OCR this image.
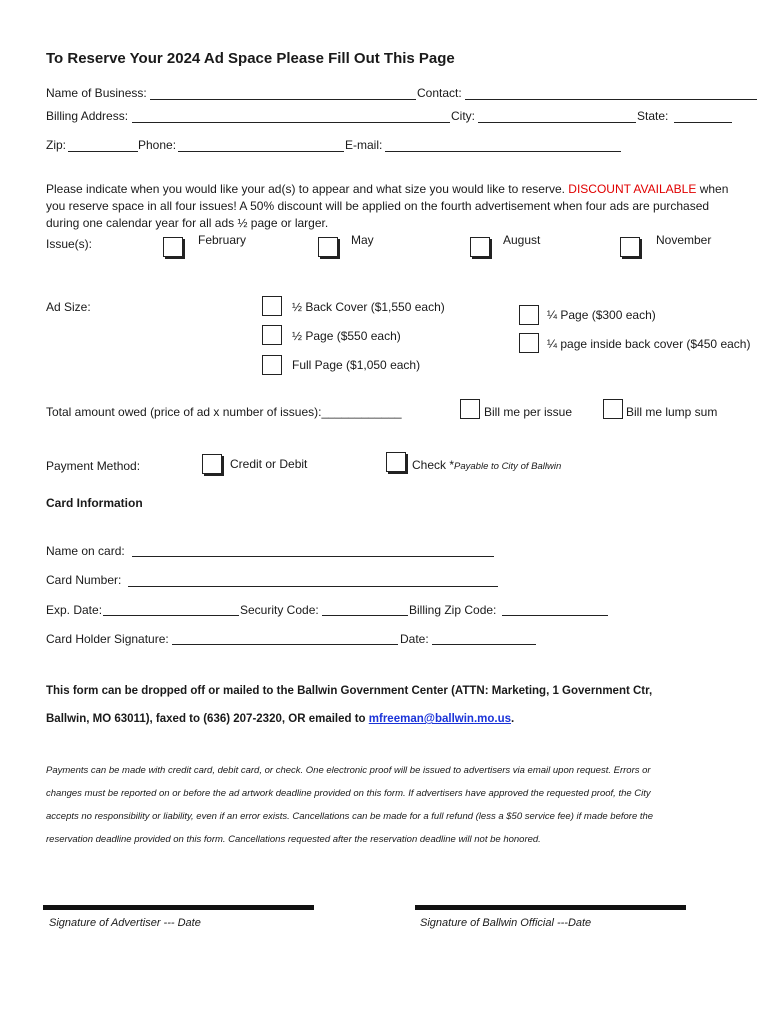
To Reserve Your 2024 Ad Space Please Fill Out This Page
Name of Business:	Contact:
Billing Address:	City:	State:
Zip:	Phone:	E-mail:
Please indicate when you would like your ad(s) to appear and what size you would like to reserve. DISCOUNT AVAILABLE when you reserve space in all four issues! A 50% discount will be applied on the fourth advertisement when four ads are purchased during one calendar year for all ads ½ page or larger.
Issue(s):	February	May	August	November
Ad Size:	½ Back Cover ($1,550 each)
½ Page ($550 each)
Full Page ($1,050 each)
¼ Page ($300 each)
¼ page inside back cover ($450 each)
Total amount owed (price of ad x number of issues):____________	Bill me per issue	Bill me lump sum
Payment Method:	Credit or Debit	Check *Payable to City of Ballwin
Card Information
Name on card:
Card Number:
Exp. Date:	Security Code:	Billing Zip Code:
Card Holder Signature:	Date:
This form can be dropped off or mailed to the Ballwin Government Center (ATTN: Marketing, 1 Government Ctr,
Ballwin, MO 63011), faxed to (636) 207-2320, OR emailed to mfreeman@ballwin.mo.us.
Payments can be made with credit card, debit card, or check. One electronic proof will be issued to advertisers via email upon request. Errors or
changes must be reported on or before the ad artwork deadline provided on this form. If advertisers have approved the requested proof, the City
accepts no responsibility or liability, even if an error exists. Cancellations can be made for a full refund (less a $50 service fee) if made before the
reservation deadline provided on this form. Cancellations requested after the reservation deadline will not be honored.
Signature of Advertiser --- Date	Signature of Ballwin Official ---Date
